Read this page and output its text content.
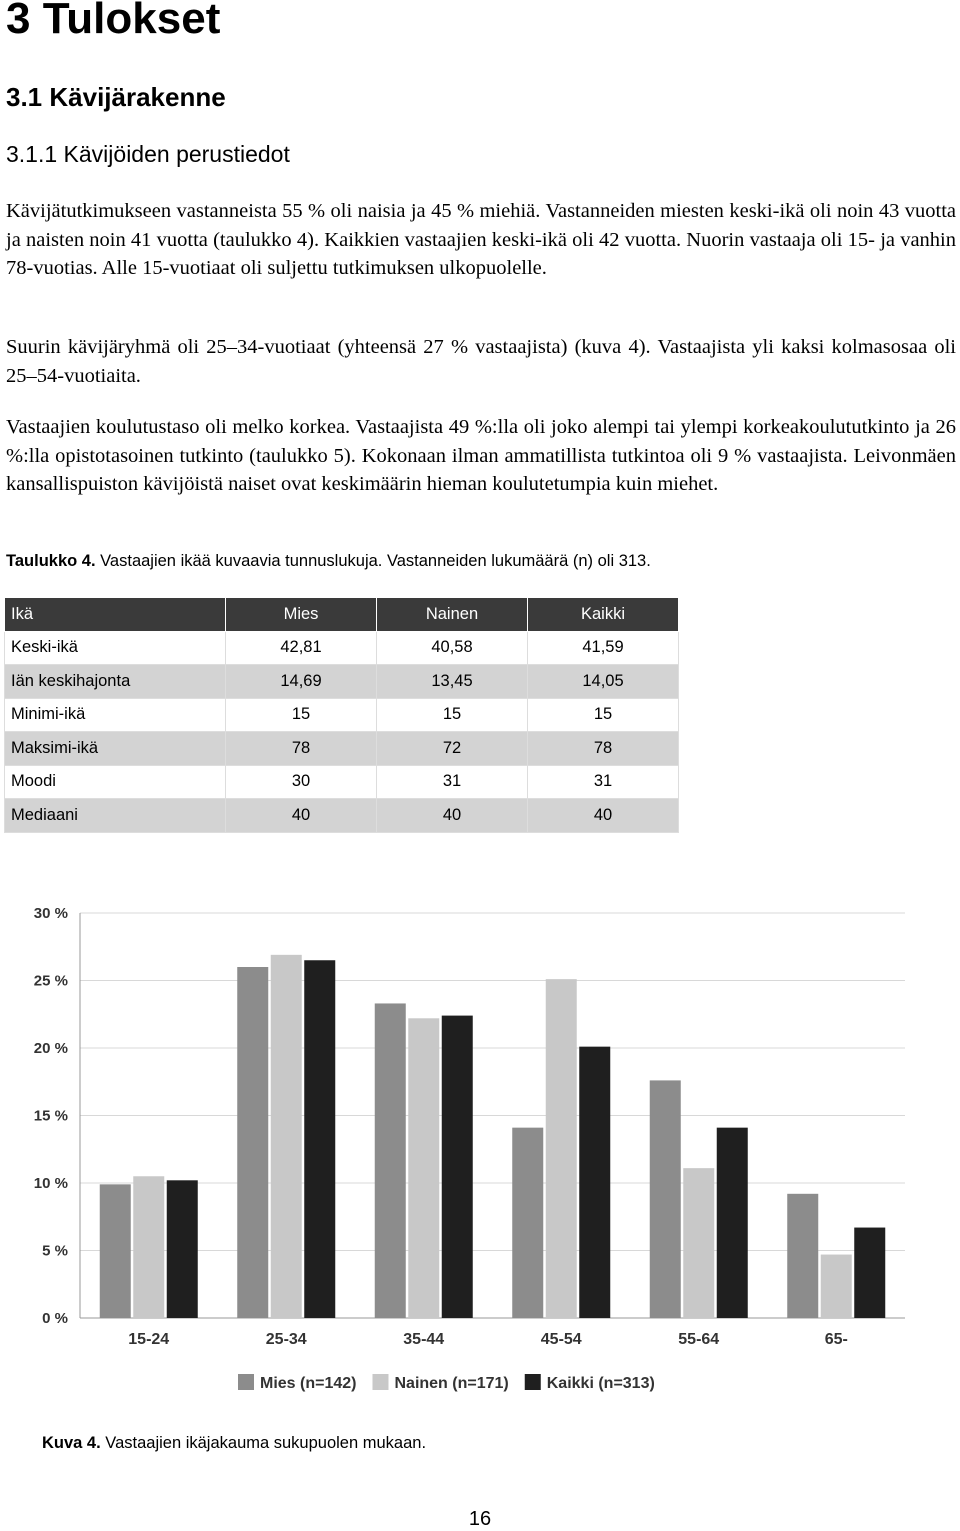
3 Tulokset
3.1 Kävijärakenne
3.1.1 Kävijöiden perustiedot

Kävijätutkimukseen vastanneista 55 % oli naisia ja 45 % miehiä. Vastanneiden miesten keski-ikä oli noin 43 vuotta ja naisten noin 41 vuotta (taulukko 4). Kaikkien vastaajien keski-ikä oli 42 vuotta. Nuorin vastaaja oli 15- ja vanhin 78-vuotias. Alle 15-vuotiaat oli suljettu tutkimuksen ulkopuolelle.

Suurin kävijäryhmä oli 25–34-vuotiaat (yhteensä 27 % vastaajista) (kuva 4). Vastaajista yli kaksi kolmasosaa oli 25–54-vuotiaita.

Vastaajien koulutustaso oli melko korkea. Vastaajista 49 %:lla oli joko alempi tai ylempi korkeakoulututkinto ja 26 %:lla opistotasoinen tutkinto (taulukko 5). Kokonaan ilman ammatillista tutkintoa oli 9 % vastaajista. Leivonmäen kansallispuiston kävijöistä naiset ovat keskimäärin hieman koulutetumpia kuin miehet.

Taulukko 4. Vastaajien ikää kuvaavia tunnuslukuja. Vastanneiden lukumäärä (n) oli 313.

Ikä	Mies	Nainen	Kaikki
Keski-ikä	42,81	40,58	41,59
Iän keskihajonta	14,69	13,45	14,05
Minimi-ikä	15	15	15
Maksimi-ikä	78	72	78
Moodi	30	31	31
Mediaani	40	40	40
0 %
5 %
10 %
15 %
20 %
25 %
30 %
15-24	25-34	35-44	45-54	55-64	65-
Mies (n=142) Nainen (n=171) Kaikki (n=313)

Kuva 4. Vastaajien ikäjakauma sukupuolen mukaan.

16
